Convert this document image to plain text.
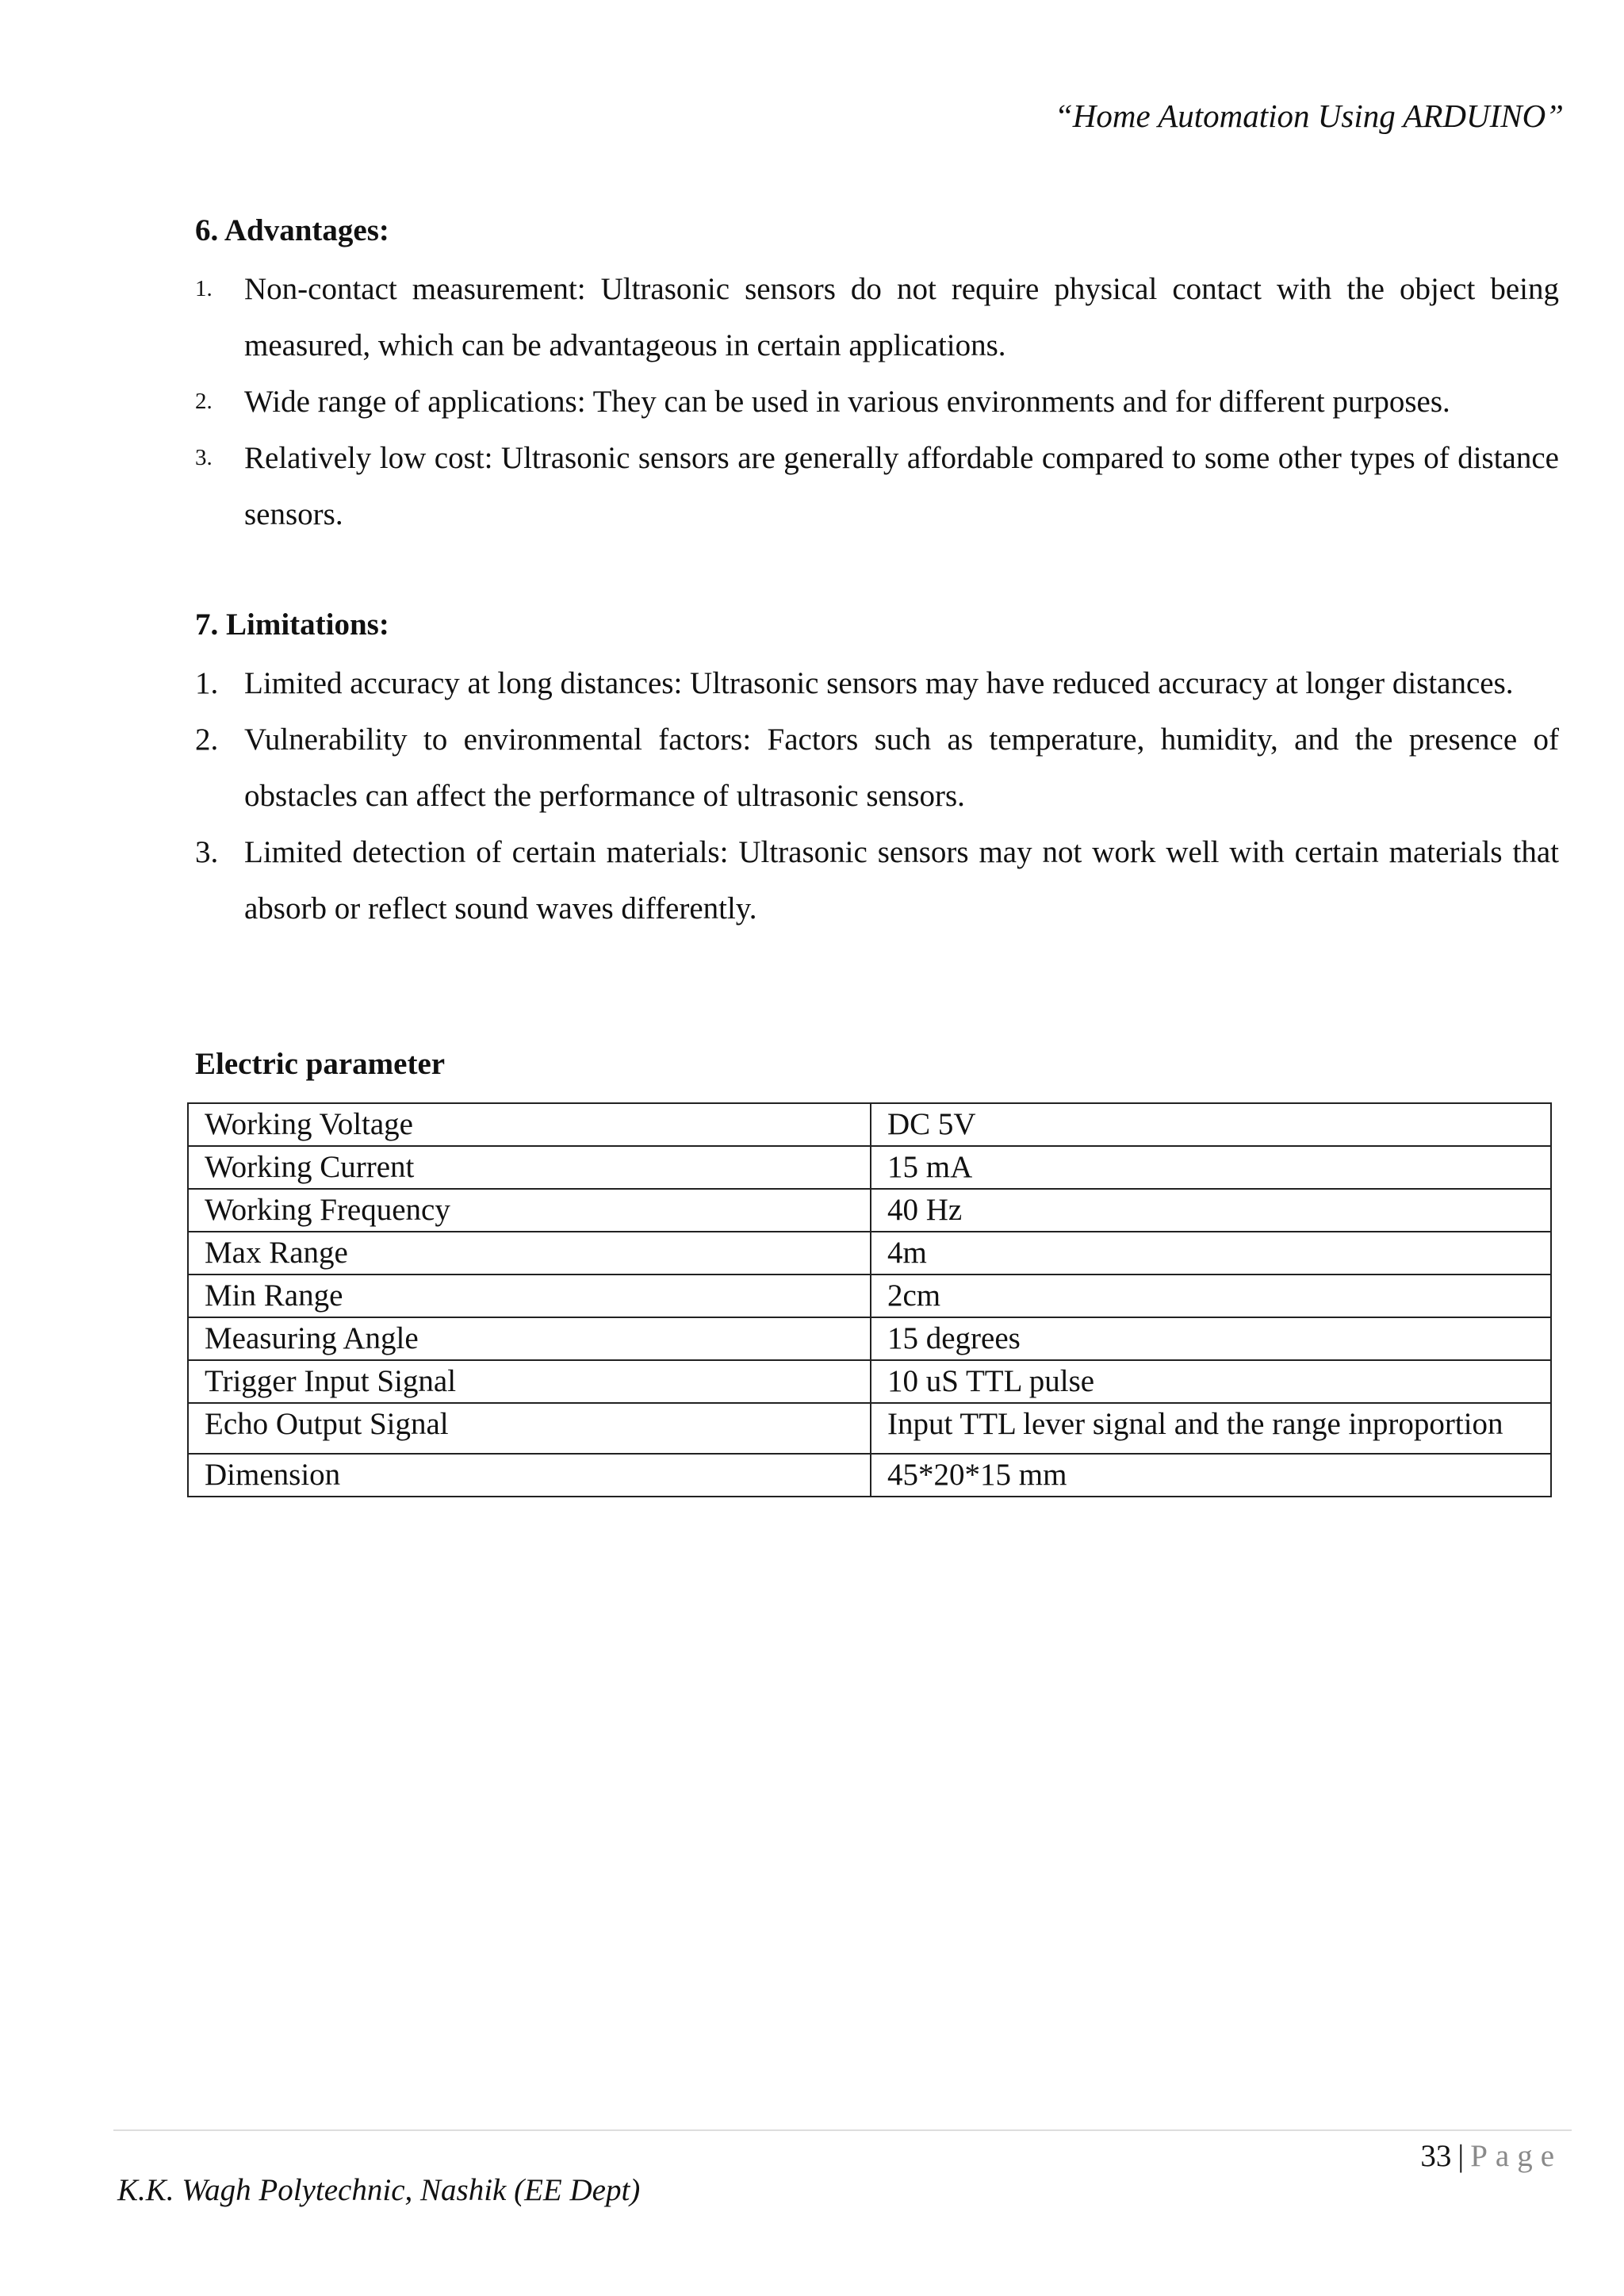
“Home Automation Using ARDUINO”
6. Advantages:
1.	Non-contact measurement: Ultrasonic sensors do not require physical contact with the object being measured, which can be advantageous in certain applications.
2.	Wide range of applications: They can be used in various environments and for different purposes.
3.	Relatively low cost: Ultrasonic sensors are generally affordable compared to some other types of distance sensors.
7. Limitations:
1. Limited accuracy at long distances: Ultrasonic sensors may have reduced accuracy at longer distances.
2. Vulnerability to environmental factors: Factors such as temperature, humidity, and the presence of obstacles can affect the performance of ultrasonic sensors.
3. Limited detection of certain materials: Ultrasonic sensors may not work well with certain materials that absorb or reflect sound waves differently.
Electric parameter
Working Voltage	DC 5V
Working Current	15 mA
Working Frequency	40 Hz
Max Range	4m
Min Range	2cm
Measuring Angle	15 degrees
Trigger Input Signal	10 uS TTL pulse
Echo Output Signal	Input TTL lever signal and the range inproportion
Dimension	45*20*15 mm
33 | Page
K.K. Wagh Polytechnic, Nashik (EE Dept)
